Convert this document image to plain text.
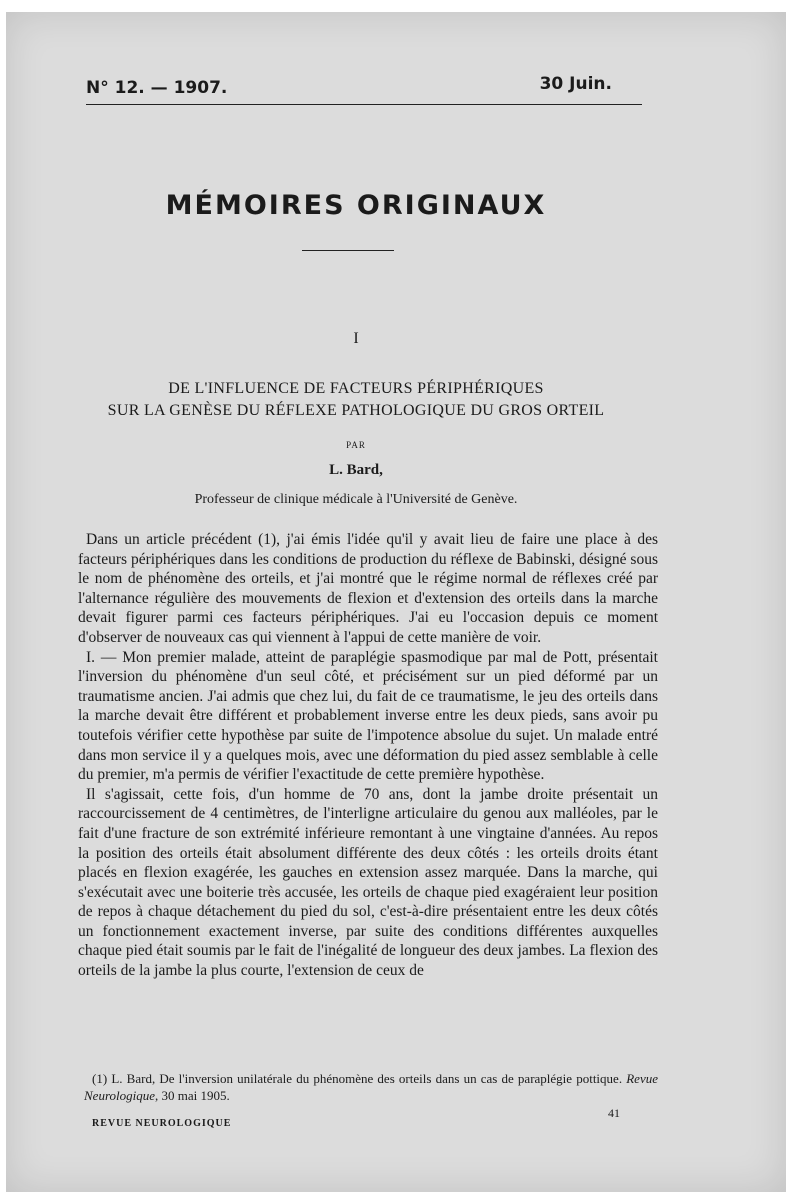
N° 12. — 1907.	30 Juin.
MÉMOIRES ORIGINAUX
I
DE L'INFLUENCE DE FACTEURS PÉRIPHÉRIQUES
SUR LA GENÈSE DU RÉFLEXE PATHOLOGIQUE DU GROS ORTEIL
PAR
L. Bard,
Professeur de clinique médicale à l'Université de Genève.

Dans un article précédent (1), j'ai émis l'idée qu'il y avait lieu de faire une place à des facteurs périphériques dans les conditions de production du réflexe de Babinski, désigné sous le nom de phénomène des orteils, et j'ai montré que le régime normal de réflexes créé par l'alternance régulière des mouvements de flexion et d'extension des orteils dans la marche devait figurer parmi ces facteurs périphériques. J'ai eu l'occasion depuis ce moment d'observer de nouveaux cas qui viennent à l'appui de cette manière de voir.

I. — Mon premier malade, atteint de paraplégie spasmodique par mal de Pott, présentait l'inversion du phénomène d'un seul côté, et précisément sur un pied déformé par un traumatisme ancien. J'ai admis que chez lui, du fait de ce traumatisme, le jeu des orteils dans la marche devait être différent et probablement inverse entre les deux pieds, sans avoir pu toutefois vérifier cette hypothèse par suite de l'impotence absolue du sujet. Un malade entré dans mon service il y a quelques mois, avec une déformation du pied assez semblable à celle du premier, m'a permis de vérifier l'exactitude de cette première hypothèse.

Il s'agissait, cette fois, d'un homme de 70 ans, dont la jambe droite présentait un raccourcissement de 4 centimètres, de l'interligne articulaire du genou aux malléoles, par le fait d'une fracture de son extrémité inférieure remontant à une vingtaine d'années. Au repos la position des orteils était absolument différente des deux côtés : les orteils droits étant placés en flexion exagérée, les gauches en extension assez marquée. Dans la marche, qui s'exécutait avec une boiterie très accusée, les orteils de chaque pied exagéraient leur position de repos à chaque détachement du pied du sol, c'est-à-dire présentaient entre les deux côtés un fonctionnement exactement inverse, par suite des conditions différentes auxquelles chaque pied était soumis par le fait de l'inégalité de longueur des deux jambes. La flexion des orteils de la jambe la plus courte, l'extension de ceux de

(1) L. Bard, De l'inversion unilatérale du phénomène des orteils dans un cas de paraplégie pottique. Revue Neurologique, 30 mai 1905.

REVUE NEUROLOGIQUE
41
